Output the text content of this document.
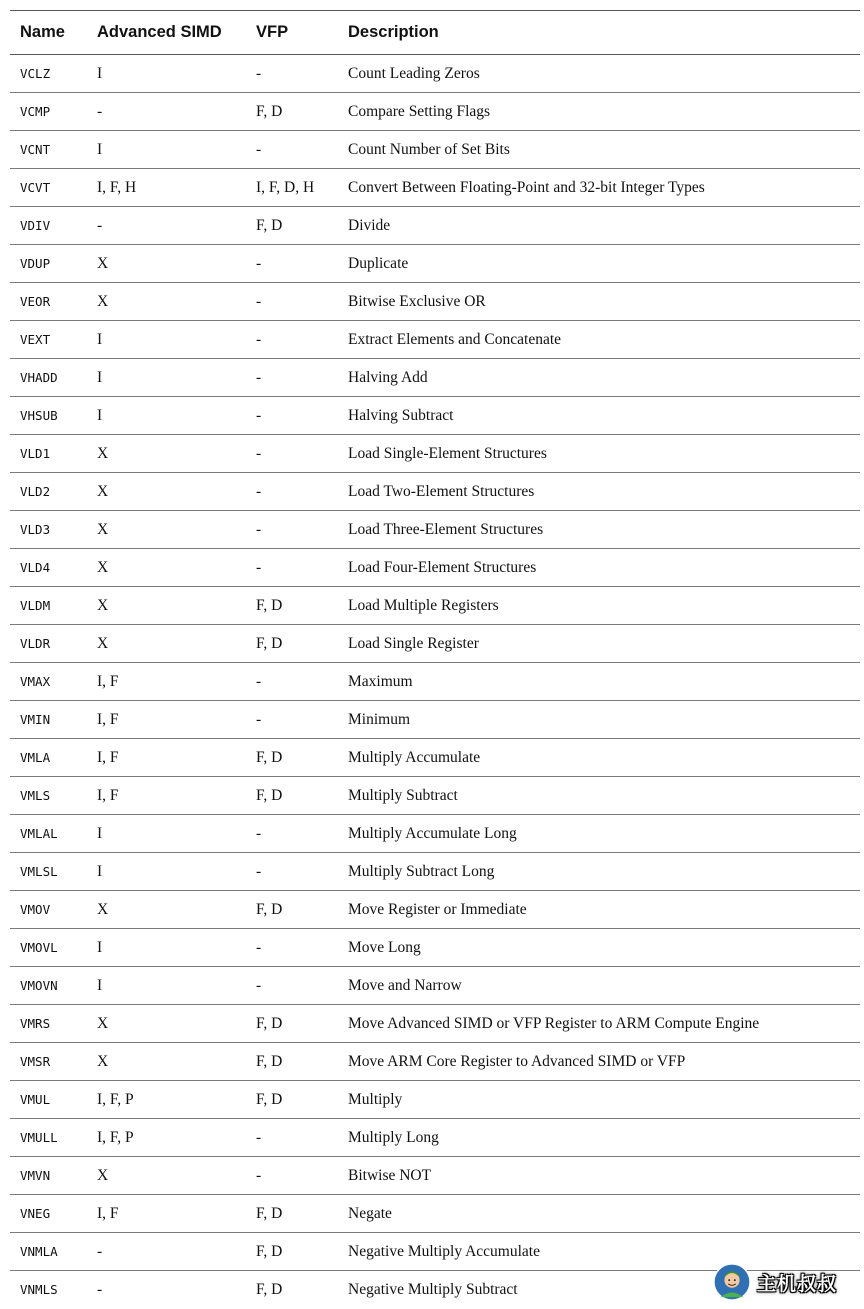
Name	Advanced SIMD	VFP	Description
VCLZ	I	-	Count Leading Zeros
VCMP	-	F, D	Compare Setting Flags
VCNT	I	-	Count Number of Set Bits
VCVT	I, F, H	I, F, D, H	Convert Between Floating-Point and 32-bit Integer Types
VDIV	-	F, D	Divide
VDUP	X	-	Duplicate
VEOR	X	-	Bitwise Exclusive OR
VEXT	I	-	Extract Elements and Concatenate
VHADD	I	-	Halving Add
VHSUB	I	-	Halving Subtract
VLD1	X	-	Load Single-Element Structures
VLD2	X	-	Load Two-Element Structures
VLD3	X	-	Load Three-Element Structures
VLD4	X	-	Load Four-Element Structures
VLDM	X	F, D	Load Multiple Registers
VLDR	X	F, D	Load Single Register
VMAX	I, F	-	Maximum
VMIN	I, F	-	Minimum
VMLA	I, F	F, D	Multiply Accumulate
VMLS	I, F	F, D	Multiply Subtract
VMLAL	I	-	Multiply Accumulate Long
VMLSL	I	-	Multiply Subtract Long
VMOV	X	F, D	Move Register or Immediate
VMOVL	I	-	Move Long
VMOVN	I	-	Move and Narrow
VMRS	X	F, D	Move Advanced SIMD or VFP Register to ARM Compute Engine
VMSR	X	F, D	Move ARM Core Register to Advanced SIMD or VFP
VMUL	I, F, P	F, D	Multiply
VMULL	I, F, P	-	Multiply Long
VMVN	X	-	Bitwise NOT
VNEG	I, F	F, D	Negate
VNMLA	-	F, D	Negative Multiply Accumulate
VNMLS	-	F, D	Negative Multiply Subtract	主机叔叔
